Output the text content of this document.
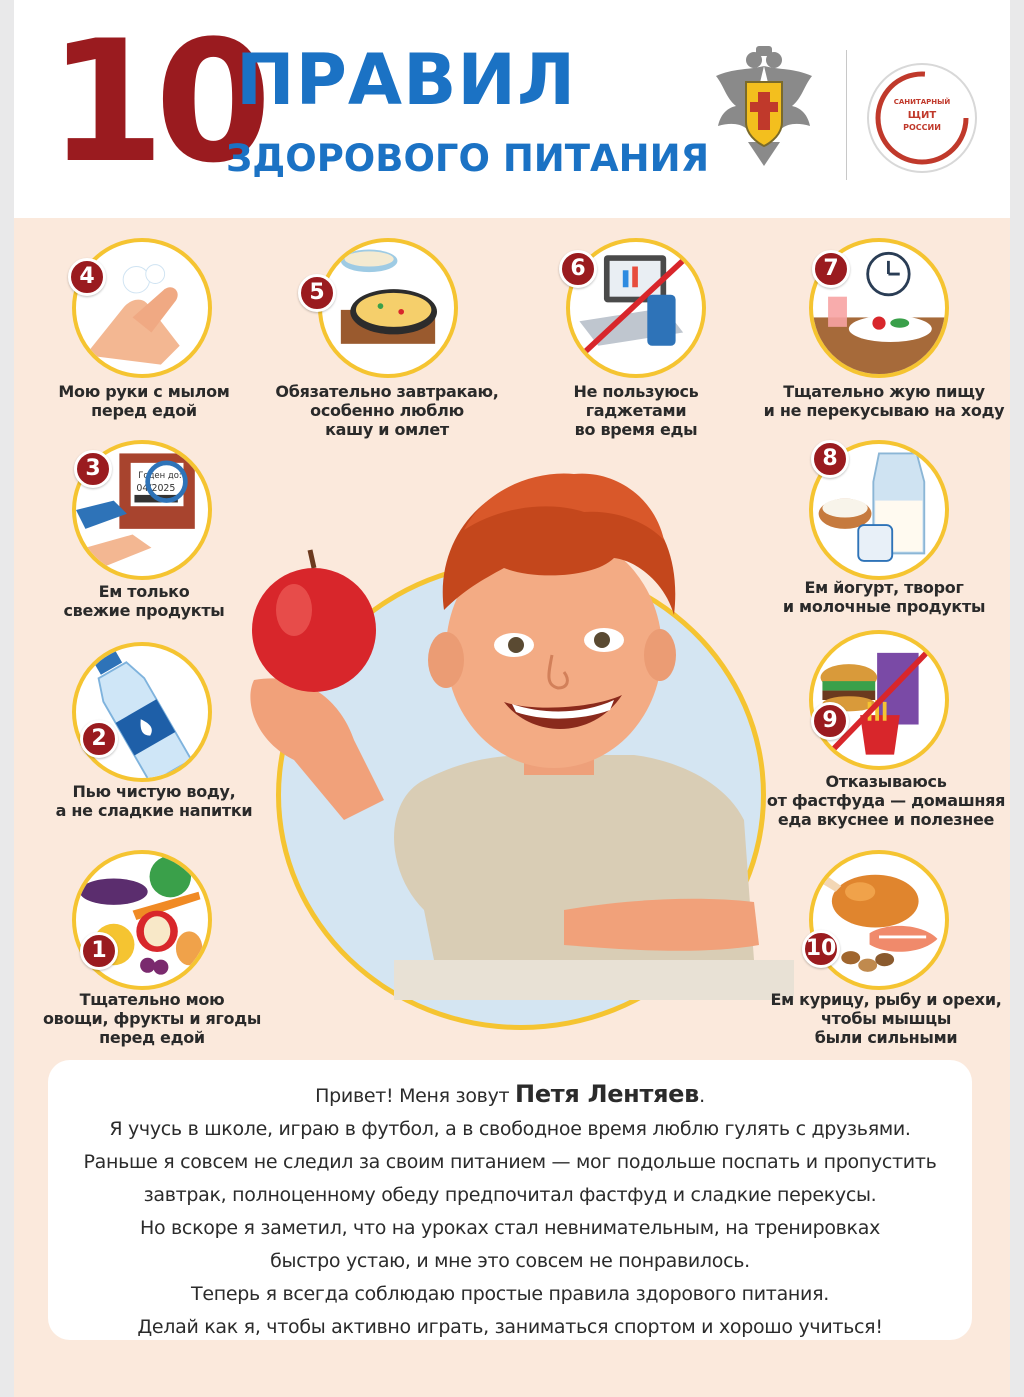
10
ПРАВИЛ
ЗДОРОВОГО ПИТАНИЯ
САНИТАРНЫЙ
ЩИТ
РОССИИ
4
Мою руки с мылом
перед едой
5
Обязательно завтракаю,
особенно люблю
кашу и омлет
6
Не пользуюсь
гаджетами
во время еды
7
Тщательно жую пищу
и не перекусываю на ходу
Годен до:
04/2025
3
Ем только
свежие продукты
8
Ем йогурт, творог
и молочные продукты
2
Пью чистую воду,
а не сладкие напитки
9
Отказываюсь
от фастфуда — домашняя
еда вкуснее и полезнее
1
Тщательно мою
овощи, фрукты и ягоды
перед едой
10
Ем курицу, рыбу и орехи,
чтобы мышцы
были сильными
Привет! Меня зовут Петя Лентяев.
Я учусь в школе, играю в футбол, а в свободное время люблю гулять с друзьями.
Раньше я совсем не следил за своим питанием — мог подольше поспать и пропустить
завтрак, полноценному обеду предпочитал фастфуд и сладкие перекусы.
Но вскоре я заметил, что на уроках стал невнимательным, на тренировках
быстро устаю, и мне это совсем не понравилось.
Теперь я всегда соблюдаю простые правила здорового питания.
Делай как я, чтобы активно играть, заниматься спортом и хорошо учиться!
